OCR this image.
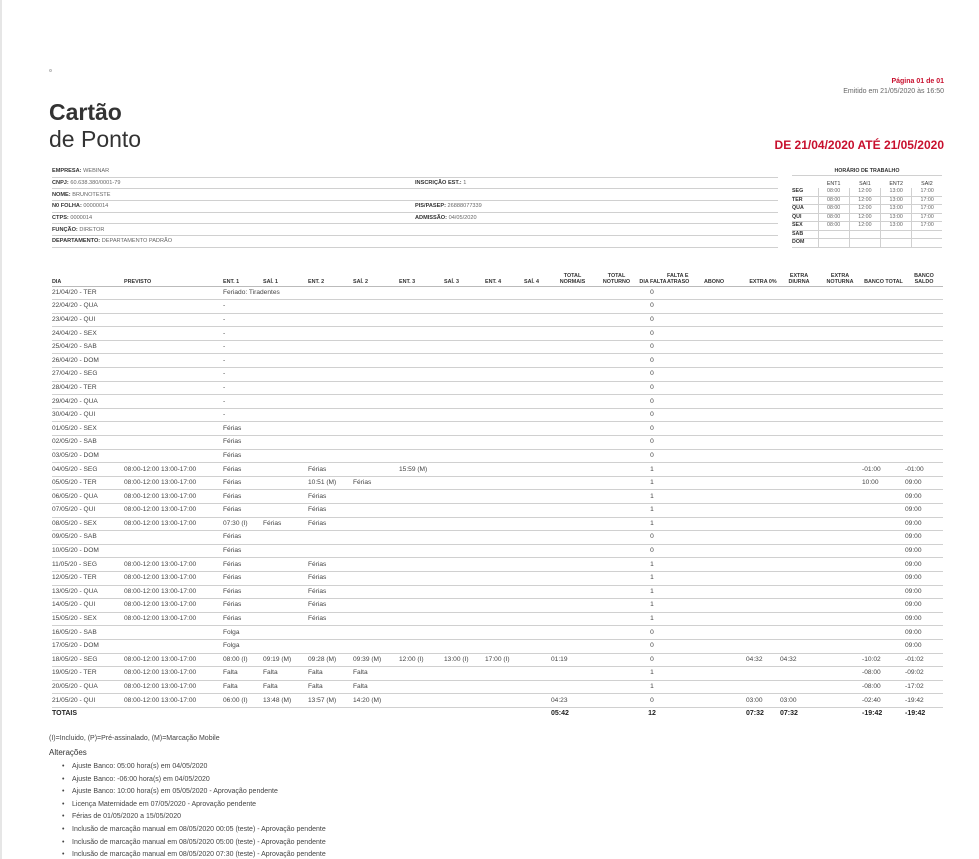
Página 01 de 01
Emitido em 21/05/2020 às 16:50
Cartão
de Ponto	DE 21/04/2020 ATÉ 21/05/2020
EMPRESA: WEBINAR
CNPJ: 60.638.380/0001-79	INSCRIÇÃO EST.: 1
NOME: BRUNOTESTE
N0 FOLHA: 00000014	PIS/PASEP: 26888077339
CTPS: 0000014	ADMISSÃO: 04/05/2020
FUNÇÃO: DIRETOR
DEPARTAMENTO: DEPARTAMENTO PADRÃO
HORÁRIO DE TRABALHO
	ENT1	SAI1	ENT2	SAI2
SEG	08:00	12:00	13:00	17:00
TER	08:00	12:00	13:00	17:00
QUA	08:00	12:00	13:00	17:00
QUI	08:00	12:00	13:00	17:00
SEX	08:00	12:00	13:00	17:00
SAB				
DOM				
DIA	PREVISTO	ENT. 1	SAÍ. 1	ENT. 2	SAÍ. 2	ENT. 3	SAÍ. 3	ENT. 4	SAÍ. 4	TOTAL NORMAIS	TOTAL NOTURNO	DIA FALTA	FALTA E ATRASO	ABONO	EXTRA 0%	EXTRA DIURNA	EXTRA NOTURNA	BANCO TOTAL	BANCO SALDO
21/04/20 - TER		Feriado: Tiradentes										0							
22/04/20 - QUA		-										0							
23/04/20 - QUI		-										0							
24/04/20 - SEX		-										0							
25/04/20 - SAB		-										0							
26/04/20 - DOM		-										0							
27/04/20 - SEG		-										0							
28/04/20 - TER		-										0							
29/04/20 - QUA		-										0							
30/04/20 - QUI		-										0							
01/05/20 - SEX		Férias										0							
02/05/20 - SAB		Férias										0							
03/05/20 - DOM		Férias										0							
04/05/20 - SEG	08:00-12:00 13:00-17:00	Férias		Férias		15:59 (M)						1						-01:00	-01:00
05/05/20 - TER	08:00-12:00 13:00-17:00	Férias		10:51 (M)	Férias							1						10:00	09:00
06/05/20 - QUA	08:00-12:00 13:00-17:00	Férias		Férias								1							09:00
07/05/20 - QUI	08:00-12:00 13:00-17:00	Férias		Férias								1							09:00
08/05/20 - SEX	08:00-12:00 13:00-17:00	07:30 (I)	Férias	Férias								1							09:00
09/05/20 - SAB		Férias										0							09:00
10/05/20 - DOM		Férias										0							09:00
11/05/20 - SEG	08:00-12:00 13:00-17:00	Férias		Férias								1							09:00
12/05/20 - TER	08:00-12:00 13:00-17:00	Férias		Férias								1							09:00
13/05/20 - QUA	08:00-12:00 13:00-17:00	Férias		Férias								1							09:00
14/05/20 - QUI	08:00-12:00 13:00-17:00	Férias		Férias								1							09:00
15/05/20 - SEX	08:00-12:00 13:00-17:00	Férias		Férias								1							09:00
16/05/20 - SAB		Folga										0							09:00
17/05/20 - DOM		Folga										0							09:00
18/05/20 - SEG	08:00-12:00 13:00-17:00	08:00 (I)	09:19 (M)	09:28 (M)	09:39 (M)	12:00 (I)	13:00 (I)	17:00 (I)		01:19		0			04:32	04:32		-10:02	-01:02
19/05/20 - TER	08:00-12:00 13:00-17:00	Falta	Falta	Falta	Falta							1						-08:00	-09:02
20/05/20 - QUA	08:00-12:00 13:00-17:00	Falta	Falta	Falta	Falta							1						-08:00	-17:02
21/05/20 - QUI	08:00-12:00 13:00-17:00	06:00 (I)	13:48 (M)	13:57 (M)	14:20 (M)					04:23		0			03:00	03:00		-02:40	-19:42
TOTAIS										05:42		12			07:32	07:32		-19:42	-19:42
(I)=Incluido, (P)=Pré-assinalado, (M)=Marcação Mobile
Alterações
• Ajuste Banco: 05:00 hora(s) em 04/05/2020
• Ajuste Banco: -06:00 hora(s) em 04/05/2020
• Ajuste Banco: 10:00 hora(s) em 05/05/2020 - Aprovação pendente
• Licença Maternidade em 07/05/2020 - Aprovação pendente
• Férias de 01/05/2020 a 15/05/2020
• Inclusão de marcação manual em 08/05/2020 00:05 (teste) - Aprovação pendente
• Inclusão de marcação manual em 08/05/2020 05:00 (teste) - Aprovação pendente
• Inclusão de marcação manual em 08/05/2020 07:30 (teste) - Aprovação pendente
